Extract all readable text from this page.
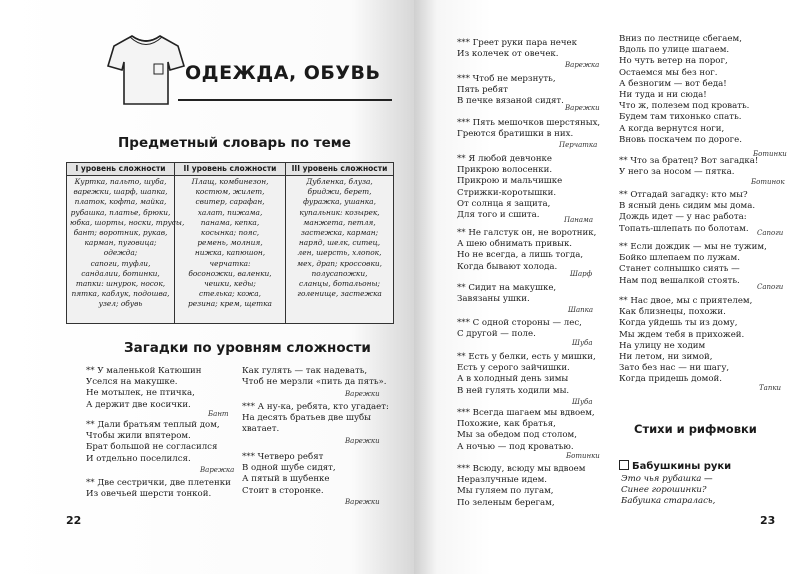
ОДЕЖДА, ОБУВЬ
Предметный словарь по теме
I уровень сложности
Куртка, пальто, шуба,
варежки, шарф, шапка,
платок, кофта, майка,
рубашка, платье, брюки,
юбка, шорты, носки, трусы,
бант; воротник, рукав,
карман, пуговица;
одежда;
сапоги, туфли,
сандалии, ботинки,
тапки: шнурок, носок,
пятка, каблук, подошва,
узел; обувь
II уровень сложности
Плащ, комбинезон,
костюм, жилет,
свитер, сарафан,
халат, пижама,
панама, кепка,
косынка; пояс,
ремень, молния,
нижка, капюшон,
черчатка:
босоножки, валенки,
чешки, кеды;
стелька; кожа,
резина; крем, щетка
III уровень сложности
Дубленка, блуза,
бриджи, берет,
фуражка, ушанка,
купальник: козырек,
манжета, петля,
застежка, карман;
наряд, шелк, ситец,
лен, шерсть, хлопок,
мех, драп; кроссовки,
полусапожки,
сланцы, ботальоны;
голенище, застежка
Загадки по уровням сложности
** У маленькой Катюшин
Уселся на макушке.
Не мотылек, не птичка,
А держит две косички.
Бант
** Дали братьям теплый дом,
Чтобы жили впятером.
Брат большой не согласился
И отдельно поселился.
Варежка
** Две сестрички, две плетенки
Из овечьей шерсти тонкой.
Как гулять — так надевать,
Чтоб не мерзли «пить да пять».
Варежки
*** А ну-ка, ребята, кто угадает:
На десять братьев две шубы
хватает.
Варежки
*** Четверо ребят
В одной шубе сидят,
А пятый в шубенке
Стоит в сторонке.
Варежки
22
*** Греет руки пара нечек
Из колечек от овечек.
Варежка
*** Чтоб не мерзнуть,
Пять ребят
В печке вязаной сидят.
Варежки
*** Пять мешочков шерстяных,
Греются братишки в них.
Перчатка
** Я любой девчонке
Прикрою волосенки.
Прикрою и мальчишке
Стрижки-коротышки.
От солнца я защита,
Для того и сшита.	Панама
** Не галстук он, не воротник,
А шею обнимать привык.
Но не всегда, а лишь тогда,
Когда бывают холода.
Шарф
** Сидит на макушке,
Завязаны ушки.
Шапка
*** С одной стороны — лес,
С другой — поле.
Шуба
** Есть у белки, есть у мишки,
Есть у серого зайчишки.
А в холодный день зимы
В ней гулять ходили мы.
Шуба
*** Всегда шагаем мы вдвоем,
Похожие, как братья,
Мы за обедом под столом,
А ночью — под кроватью.
Ботинки
*** Всюду, всюду мы вдвоем
Неразлучные идем.
Мы гуляем по лугам,
По зеленым берегам,
Вниз по лестнице сбегаем,
Вдоль по улице шагаем.
Но чуть ветер на порог,
Остаемся мы без ног.
А безногим — вот беда!
Ни туда и ни сюда!
Что ж, полезем под кровать.
Будем там тихонько спать.
А когда вернутся ноги,
Вновь поскачем по дороге.
Ботинки
** Что за братец? Вот загадка!
У него за носом — пятка.
Ботинок
** Отгадай загадку: кто мы?
В ясный день сидим мы дома.
Дождь идет — у нас работа:
Топать-шлепать по болотам.	Сапоги
** Если дождик — мы не тужим,
Бойко шлепаем по лужам.
Станет солнышко сиять —
Нам под вешалкой стоять.
Сапоги
** Нас двое, мы с приятелем,
Как близнецы, похожи.
Когда уйдешь ты из дому,
Мы ждем тебя в прихожей.
На улицу не ходим
Ни летом, ни зимой,
Зато без нас — ни шагу,
Когда придешь домой.
Тапки
Стихи и рифмовки
Бабушкины руки
Это чья рубашка —
Синее горошинки?
Бабушка старалась,
23
